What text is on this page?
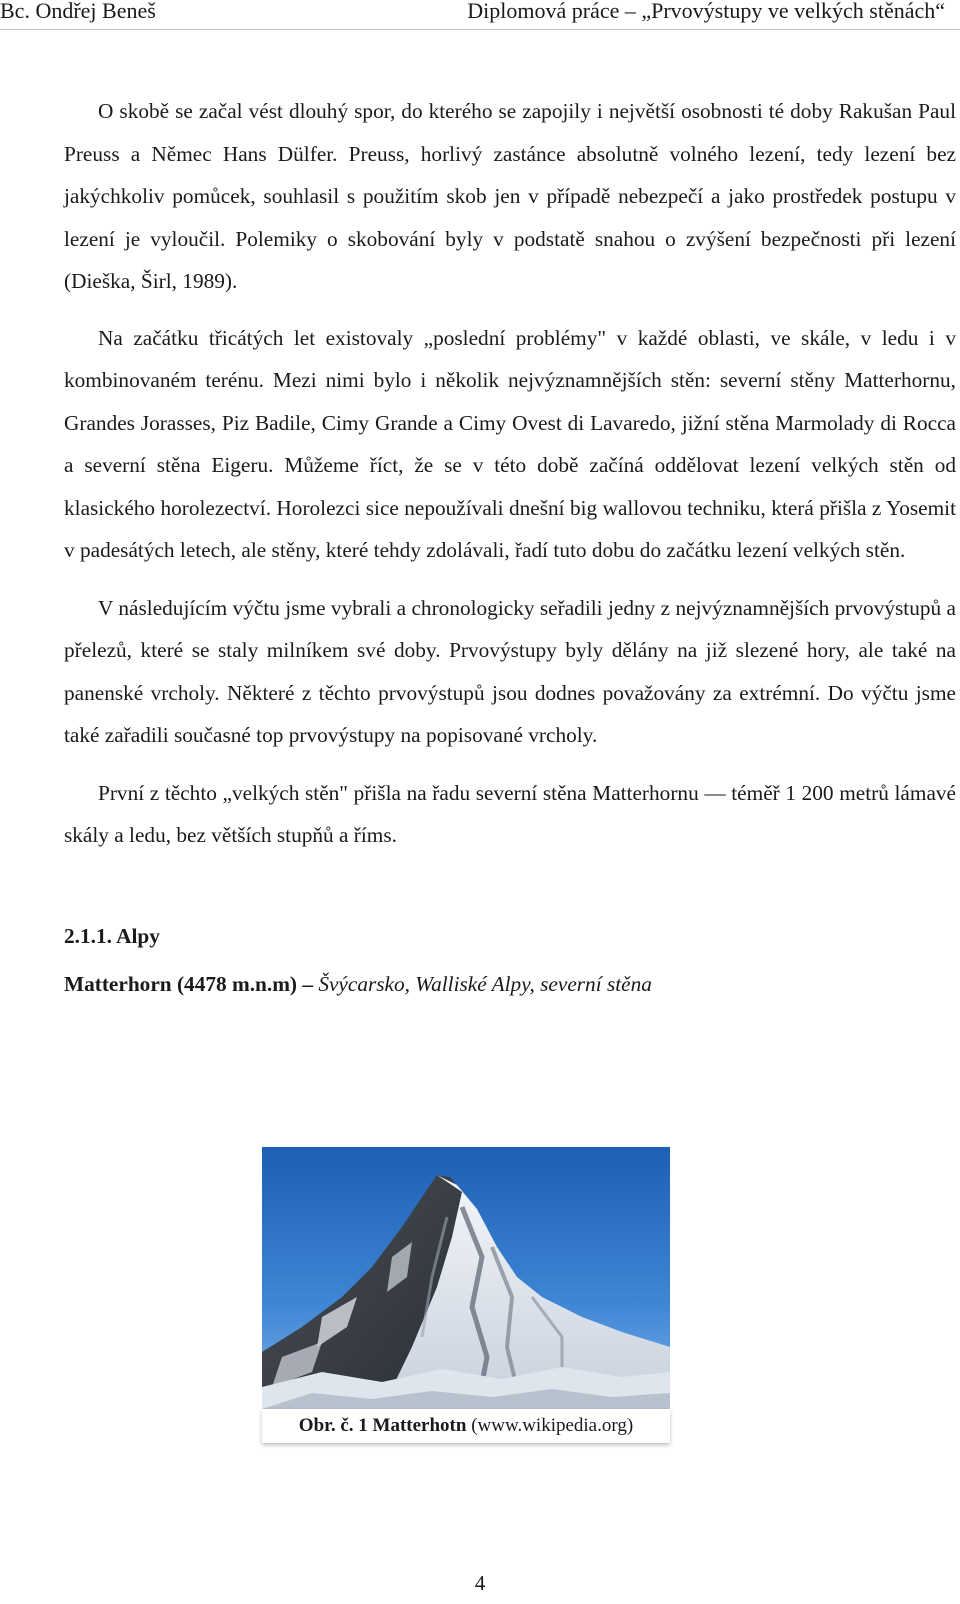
Bc. Ondřej Beneš	Diplomová práce – „Prvovýstupy ve velkých stěnách“

O skobě se začal vést dlouhý spor, do kterého se zapojily i největší osobnosti té doby Rakušan Paul Preuss a Němec Hans Dülfer. Preuss, horlivý zastánce absolutně volného lezení, tedy lezení bez jakýchkoliv pomůcek, souhlasil s použitím skob jen v případě nebezpečí a jako prostředek postupu v lezení je vyloučil. Polemiky o skobování byly v podstatě snahou o zvýšení bezpečnosti při lezení (Dieška, Širl, 1989).

Na začátku třicátých let existovaly „poslední problémy" v každé oblasti, ve skále, v ledu i v kombinovaném terénu. Mezi nimi bylo i několik nejvýznamnějších stěn: severní stěny Matterhornu, Grandes Jorasses, Piz Badile, Cimy Grande a Cimy Ovest di Lavaredo, jižní stěna Marmolady di Rocca a severní stěna Eigeru. Můžeme říct, že se v této době začíná oddělovat lezení velkých stěn od klasického horolezectví. Horolezci sice nepoužívali dnešní big wallovou techniku, která přišla z Yosemit v padesátých letech, ale stěny, které tehdy zdolávali, řadí tuto dobu do začátku lezení velkých stěn.

V následujícím výčtu jsme vybrali a chronologicky seřadili jedny z nejvýznamnějších prvovýstupů a přelezů, které se staly milníkem své doby. Prvovýstupy byly dělány na již slezené hory, ale také na panenské vrcholy. Některé z těchto prvovýstupů jsou dodnes považovány za extrémní. Do výčtu jsme také zařadili současné top prvovýstupy na popisované vrcholy.

První z těchto „velkých stěn" přišla na řadu severní stěna Matterhornu — téměř 1 200 metrů lámavé skály a ledu, bez větších stupňů a říms.

2.1.1. Alpy
Matterhorn (4478 m.n.m) – Švýcarsko, Walliské Alpy, severní stěna
Obr. č. 1 Matterhotn (www.wikipedia.org)
4
